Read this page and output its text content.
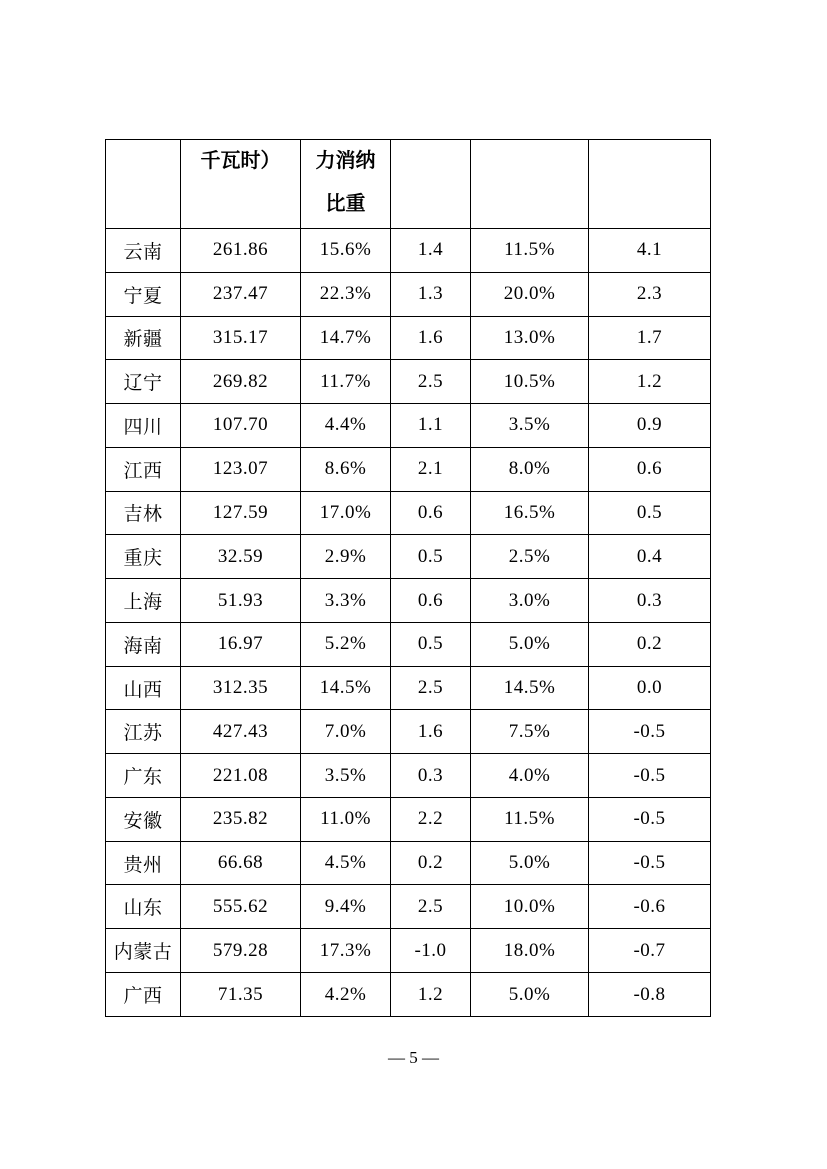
	千瓦时）	力消纳
比重			

云南	261.86	15.6%	1.4	11.5%	4.1
宁夏	237.47	22.3%	1.3	20.0%	2.3
新疆	315.17	14.7%	1.6	13.0%	1.7
辽宁	269.82	11.7%	2.5	10.5%	1.2
四川	107.70	4.4%	1.1	3.5%	0.9
江西	123.07	8.6%	2.1	8.0%	0.6
吉林	127.59	17.0%	0.6	16.5%	0.5
重庆	32.59	2.9%	0.5	2.5%	0.4
上海	51.93	3.3%	0.6	3.0%	0.3
海南	16.97	5.2%	0.5	5.0%	0.2
山西	312.35	14.5%	2.5	14.5%	0.0
江苏	427.43	7.0%	1.6	7.5%	-0.5
广东	221.08	3.5%	0.3	4.0%	-0.5
安徽	235.82	11.0%	2.2	11.5%	-0.5
贵州	66.68	4.5%	0.2	5.0%	-0.5
山东	555.62	9.4%	2.5	10.0%	-0.6
内蒙古	579.28	17.3%	-1.0	18.0%	-0.7
广西	71.35	4.2%	1.2	5.0%	-0.8
— 5 —
